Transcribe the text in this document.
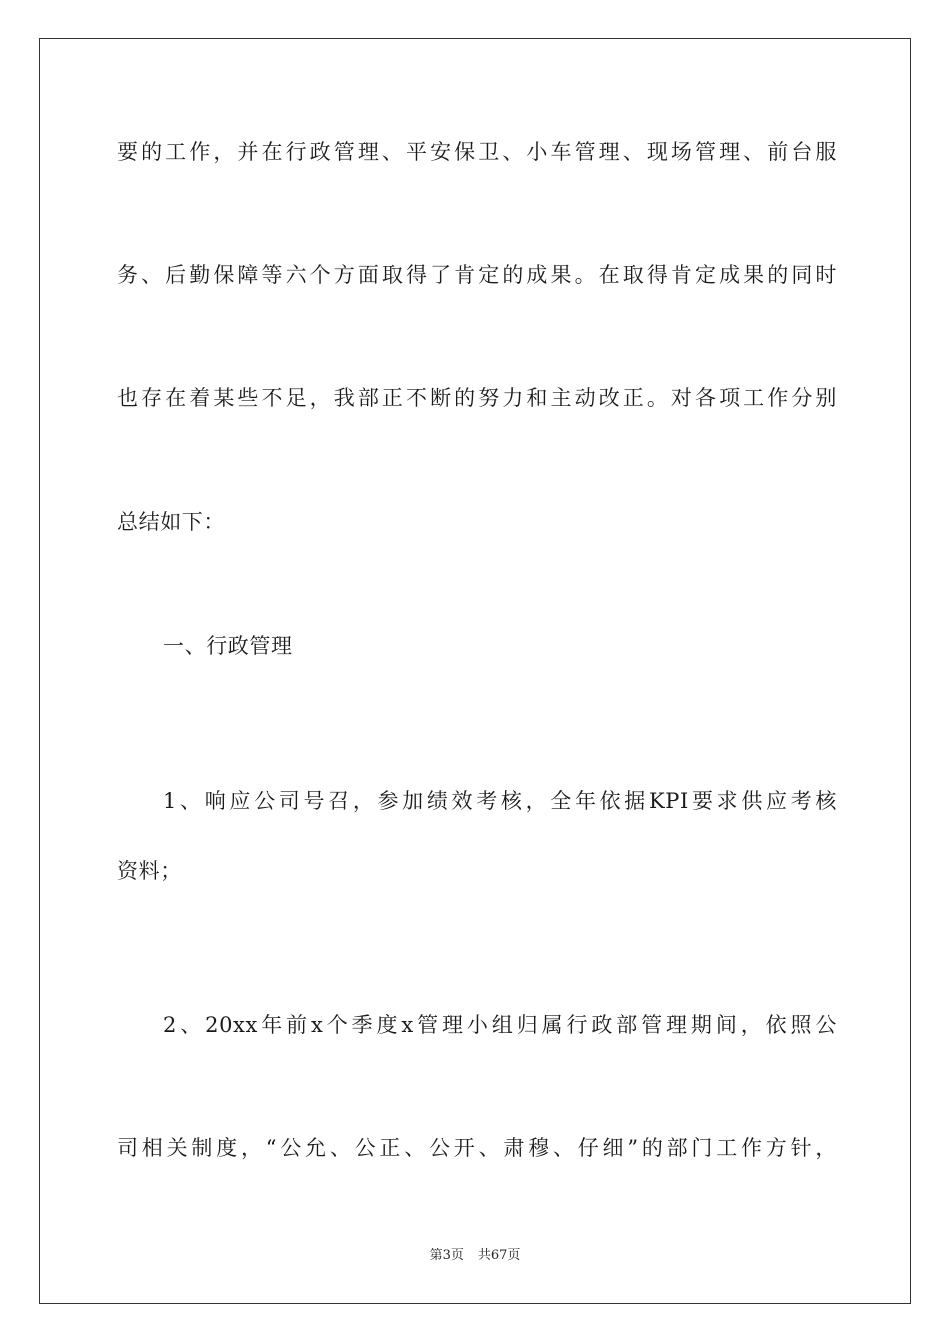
要的工作，并在行政管理、平安保卫、小车管理、现场管理、前台服
务、后勤保障等六个方面取得了肯定的成果。在取得肯定成果的同时
也存在着某些不足，我部正不断的努力和主动改正。对各项工作分别
总结如下：
一、行政管理
1、响应公司号召，参加绩效考核，全年依据KPI要求供应考核
资料；
2、20xx年前x个季度x管理小组归属行政部管理期间，依照公
司相关制度，“公允、公正、公开、肃穆、仔细”的部门工作方针，
第3页 共67页
